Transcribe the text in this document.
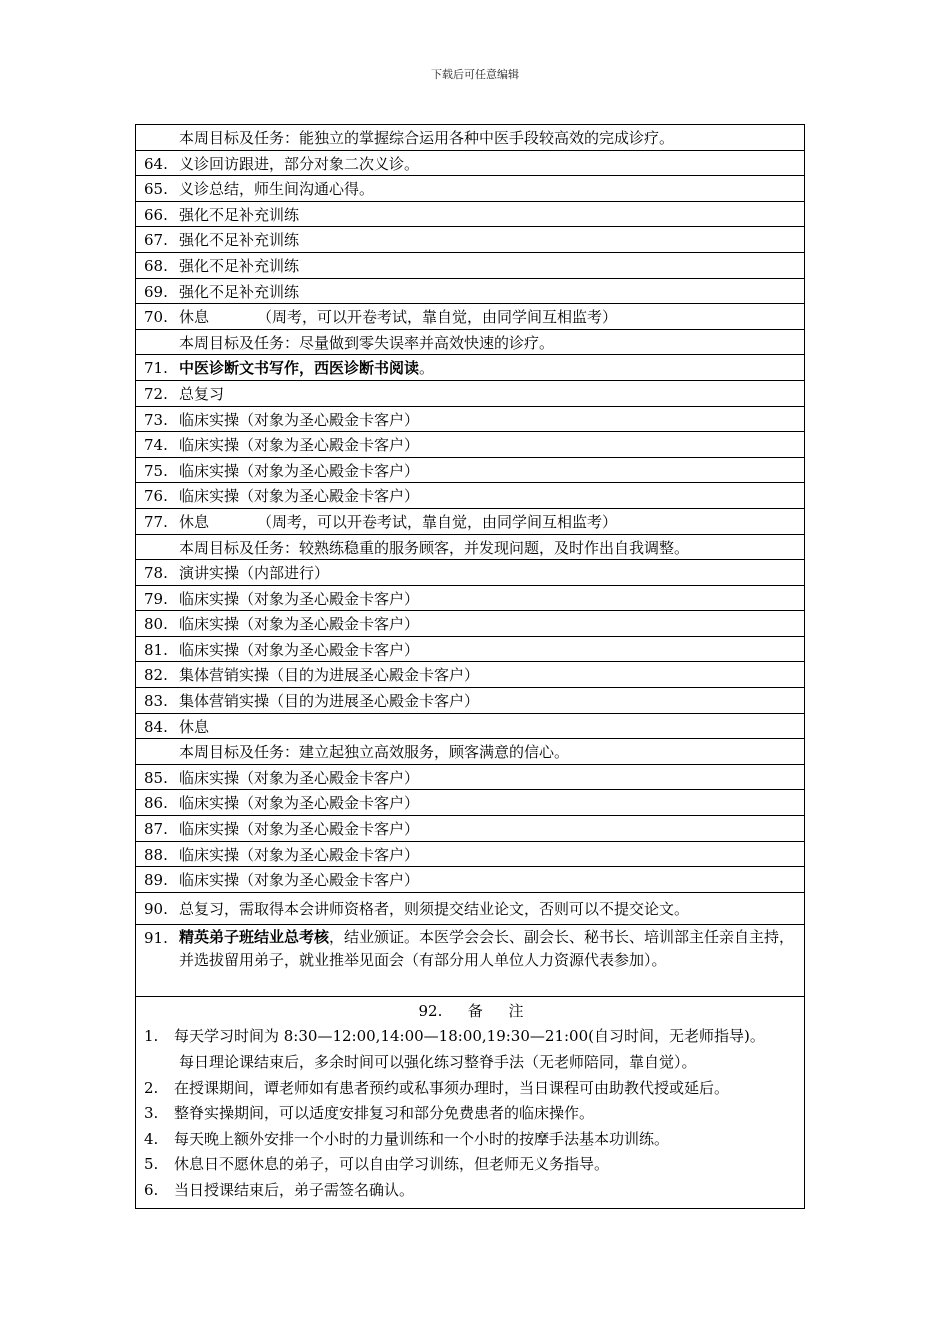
下载后可任意编辑
本周目标及任务：能独立的掌握综合运用各种中医手段较高效的完成诊疗。
64. 义诊回访跟进，部分对象二次义诊。
65. 义诊总结，师生间沟通心得。
66. 强化不足补充训练
67. 强化不足补充训练
68. 强化不足补充训练
69. 强化不足补充训练
70. 休息	（周考，可以开卷考试，靠自觉，由同学间互相监考）
本周目标及任务：尽量做到零失误率并高效快速的诊疗。
71. 中医诊断文书写作，西医诊断书阅读。
72. 总复习
73. 临床实操（对象为圣心殿金卡客户）
74. 临床实操（对象为圣心殿金卡客户）
75. 临床实操（对象为圣心殿金卡客户）
76. 临床实操（对象为圣心殿金卡客户）
77. 休息	（周考，可以开卷考试，靠自觉，由同学间互相监考）
本周目标及任务：较熟练稳重的服务顾客，并发现问题，及时作出自我调整。
78. 演讲实操（内部进行）
79. 临床实操（对象为圣心殿金卡客户）
80. 临床实操（对象为圣心殿金卡客户）
81. 临床实操（对象为圣心殿金卡客户）
82. 集体营销实操（目的为进展圣心殿金卡客户）
83. 集体营销实操（目的为进展圣心殿金卡客户）
84. 休息
本周目标及任务：建立起独立高效服务，顾客满意的信心。
85. 临床实操（对象为圣心殿金卡客户）
86. 临床实操（对象为圣心殿金卡客户）
87. 临床实操（对象为圣心殿金卡客户）
88. 临床实操（对象为圣心殿金卡客户）
89. 临床实操（对象为圣心殿金卡客户）
90. 总复习，需取得本会讲师资格者，则须提交结业论文，否则可以不提交论文。
91. 精英弟子班结业总考核，结业颁证。本医学会会长、副会长、秘书长、培训部主任亲自主持，并选拔留用弟子，就业推举见面会（有部分用人单位人力资源代表参加）。
92. 备 注
1.	每天学习时间为 8:30—12:00,14:00—18:00,19:30—21:00(自习时间，无老师指导)。
每日理论课结束后，多余时间可以强化练习整脊手法（无老师陪同，靠自觉）。
2.	在授课期间，谭老师如有患者预约或私事须办理时，当日课程可由助教代授或延后。
3.	整脊实操期间，可以适度安排复习和部分免费患者的临床操作。
4.	每天晚上额外安排一个小时的力量训练和一个小时的按摩手法基本功训练。
5.	休息日不愿休息的弟子，可以自由学习训练，但老师无义务指导。
6.	当日授课结束后，弟子需签名确认。
